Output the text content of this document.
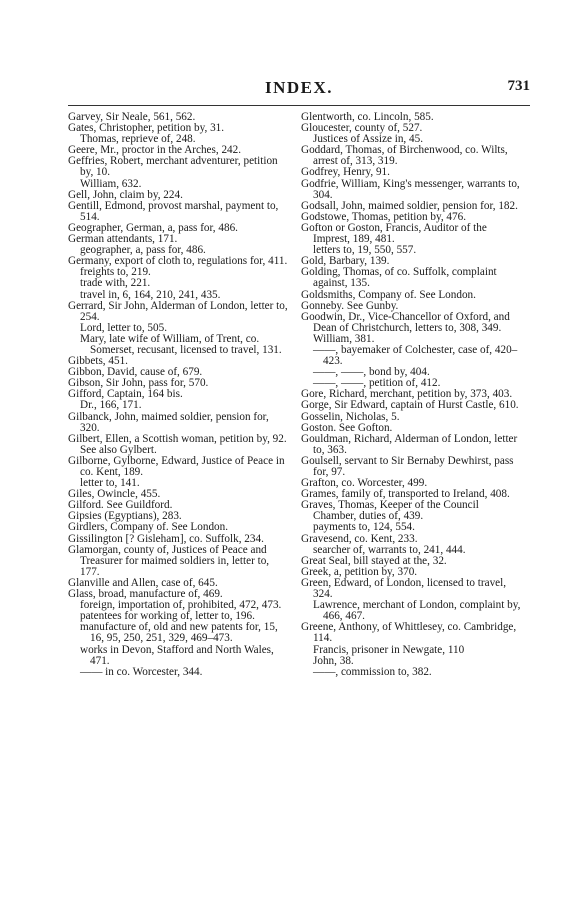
INDEX.	731
Garvey, Sir Neale, 561, 562.
Gates, Christopher, petition by, 31.
Thomas, reprieve of, 248.
Geere, Mr., proctor in the Arches, 242.
Geffries, Robert, merchant adventurer, petition by, 10.
William, 632.
Gell, John, claim by, 224.
Gentill, Edmond, provost marshal, payment to, 514.
Geographer, German, a, pass for, 486.
German attendants, 171.
geographer, a, pass for, 486.
Germany, export of cloth to, regulations for, 411.
freights to, 219.
trade with, 221.
travel in, 6, 164, 210, 241, 435.
Gerrard, Sir John, Alderman of London, letter to, 254.
Lord, letter to, 505.
Mary, late wife of William, of Trent, co. Somerset, recusant, licensed to travel, 131.
Gibbets, 451.
Gibbon, David, cause of, 679.
Gibson, Sir John, pass for, 570.
Gifford, Captain, 164 bis.
Dr., 166, 171.
Gilbanck, John, maimed soldier, pension for, 320.
Gilbert, Ellen, a Scottish woman, petition by, 92. See also Gylbert.
Gilborne, Gylborne, Edward, Justice of Peace in co. Kent, 189.
letter to, 141.
Giles, Owincle, 455.
Gilford. See Guildford.
Gipsies (Egyptians), 283.
Girdlers, Company of. See London.
Gissilington [? Gisleham], co. Suffolk, 234.
Glamorgan, county of, Justices of Peace and Treasurer for maimed soldiers in, letter to, 177.
Glanville and Allen, case of, 645.
Glass, broad, manufacture of, 469.
foreign, importation of, prohibited, 472, 473.
patentees for working of, letter to, 196.
manufacture of, old and new patents for, 15, 16, 95, 250, 251, 329, 469–473.
works in Devon, Stafford and North Wales, 471.
—— in co. Worcester, 344.
Glentworth, co. Lincoln, 585.
Gloucester, county of, 527.
Justices of Assize in, 45.
Goddard, Thomas, of Birchenwood, co. Wilts, arrest of, 313, 319.
Godfrey, Henry, 91.
Godfrie, William, King's messenger, warrants to, 304.
Godsall, John, maimed soldier, pension for, 182.
Godstowe, Thomas, petition by, 476.
Gofton or Goston, Francis, Auditor of the Imprest, 189, 481.
letters to, 19, 550, 557.
Gold, Barbary, 139.
Golding, Thomas, of co. Suffolk, complaint against, 135.
Goldsmiths, Company of. See London.
Gonneby. See Gunby.
Goodwin, Dr., Vice-Chancellor of Oxford, and Dean of Christchurch, letters to, 308, 349.
William, 381.
——, bayemaker of Colchester, case of, 420–423.
——, ——, bond by, 404.
——, ——, petition of, 412.
Gore, Richard, merchant, petition by, 373, 403.
Gorge, Sir Edward, captain of Hurst Castle, 610.
Gosselin, Nicholas, 5.
Goston. See Gofton.
Gouldman, Richard, Alderman of London, letter to, 363.
Goulsell, servant to Sir Bernaby Dewhirst, pass for, 97.
Grafton, co. Worcester, 499.
Grames, family of, transported to Ireland, 408.
Graves, Thomas, Keeper of the Council Chamber, duties of, 439.
payments to, 124, 554.
Gravesend, co. Kent, 233.
searcher of, warrants to, 241, 444.
Great Seal, bill stayed at the, 32.
Greek, a, petition by, 370.
Green, Edward, of London, licensed to travel, 324.
Lawrence, merchant of London, complaint by, 466, 467.
Greene, Anthony, of Whittlesey, co. Cambridge, 114.
Francis, prisoner in Newgate, 110
John, 38.
——, commission to, 382.
